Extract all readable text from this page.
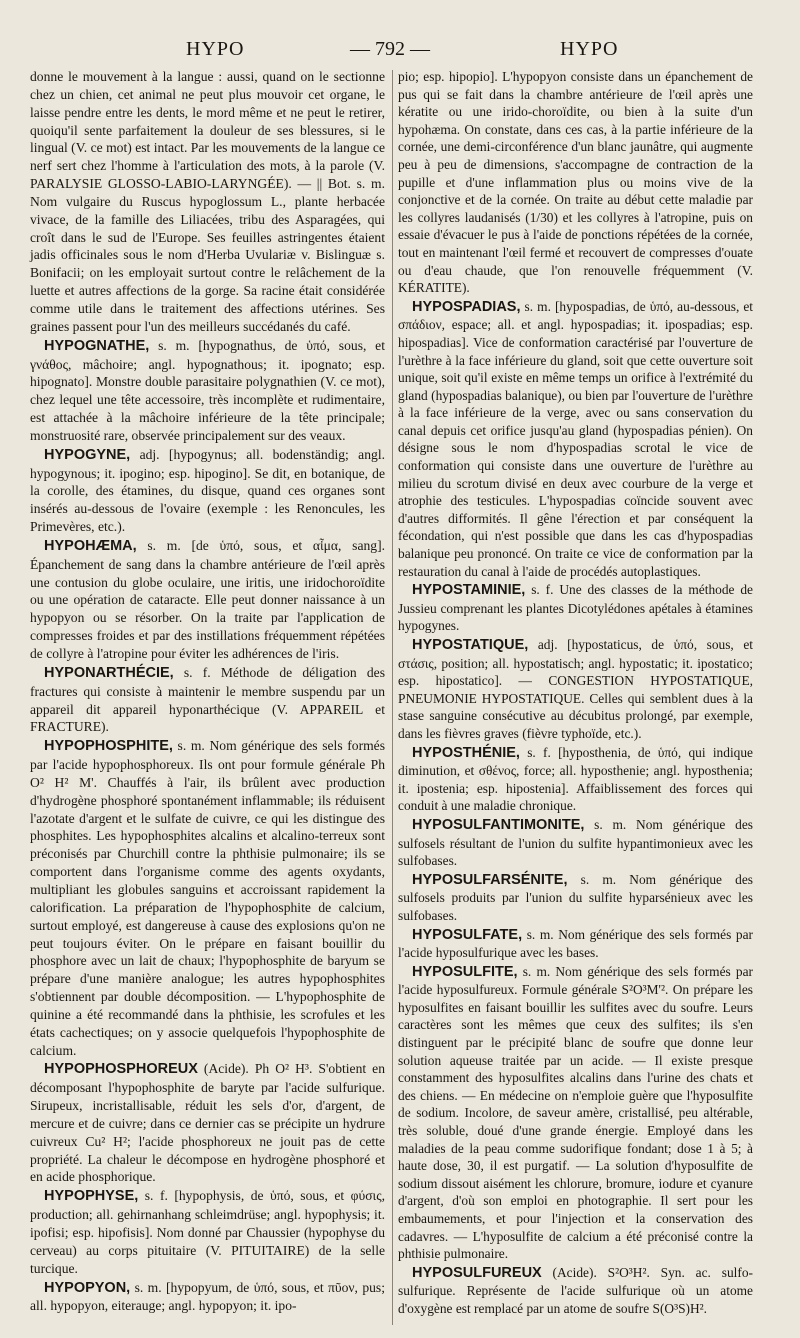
HYPO	— 792 —	HYPO

donne le mouvement à la langue : aussi, quand on le sectionne chez un chien, cet animal ne peut plus mouvoir cet organe, le laisse pendre entre les dents, le mord même et ne peut le retirer, quoiqu'il sente parfaitement la douleur de ses blessures, si le lingual (V. ce mot) est intact. Par les mouvements de la langue ce nerf sert chez l'homme à l'articulation des mots, à la parole (V. PARALYSIE GLOSSO-LABIO-LARYNGÉE). — || Bot. s. m. Nom vulgaire du Ruscus hypoglossum L., plante herbacée vivace, de la famille des Liliacées, tribu des Asparagées, qui croît dans le sud de l'Europe. Ses feuilles astringentes étaient jadis officinales sous le nom d'Herba Uvulariæ v. Bislinguæ s. Bonifacii; on les employait surtout contre le relâchement de la luette et autres affections de la gorge. Sa racine était considérée comme utile dans le traitement des affections utérines. Ses graines passent pour l'un des meilleurs succédanés du café.

HYPOGNATHE, s. m. [hypognathus, de ὑπό, sous, et γνάθος, mâchoire; angl. hypognathous; it. ipognato; esp. hipognato]. Monstre double parasitaire polygnathien (V. ce mot), chez lequel une tête accessoire, très incomplète et rudimentaire, est attachée à la mâchoire inférieure de la tête principale; monstruosité rare, observée principalement sur des veaux.

HYPOGYNE, adj. [hypogynus; all. bodenständig; angl. hypogynous; it. ipogino; esp. hipogino]. Se dit, en botanique, de la corolle, des étamines, du disque, quand ces organes sont insérés au-dessous de l'ovaire (exemple : les Renoncules, les Primevères, etc.).

HYPOHÆMA, s. m. [de ὑπό, sous, et αἷμα, sang]. Épanchement de sang dans la chambre antérieure de l'œil après une contusion du globe oculaire, une iritis, une iridochoroïdite ou une opération de cataracte. Elle peut donner naissance à un hypopyon ou se résorber. On la traite par l'application de compresses froides et par des instillations fréquemment répétées de collyre à l'atropine pour éviter les adhérences de l'iris.

HYPONARTHÉCIE, s. f. Méthode de déligation des fractures qui consiste à maintenir le membre suspendu par un appareil dit appareil hyponarthécique (V. APPAREIL et FRACTURE).

HYPOPHOSPHITE, s. m. Nom générique des sels formés par l'acide hypophosphoreux. Ils ont pour formule générale Ph O² H² M'. Chauffés à l'air, ils brûlent avec production d'hydrogène phosphoré spontanément inflammable; ils réduisent l'azotate d'argent et le sulfate de cuivre, ce qui les distingue des phosphites. Les hypophosphites alcalins et alcalino-terreux sont préconisés par Churchill contre la phthisie pulmonaire; ils se comportent dans l'organisme comme des agents oxydants, multipliant les globules sanguins et accroissant rapidement la calorification. La préparation de l'hypophosphite de calcium, surtout employé, est dangereuse à cause des explosions qu'on ne peut toujours éviter. On le prépare en faisant bouillir du phosphore avec un lait de chaux; l'hypophosphite de baryum se prépare d'une manière analogue; les autres hypophosphites s'obtiennent par double décomposition. — L'hypophosphite de quinine a été recommandé dans la phthisie, les scrofules et les états cachectiques; on y associe quelquefois l'hypophosphite de calcium.

HYPOPHOSPHOREUX (Acide). Ph O² H³. S'obtient en décomposant l'hypophosphite de baryte par l'acide sulfurique. Sirupeux, incristallisable, réduit les sels d'or, d'argent, de mercure et de cuivre; dans ce dernier cas se précipite un hydrure cuivreux Cu² H²; l'acide phosphoreux ne jouit pas de cette propriété. La chaleur le décompose en hydrogène phosphoré et en acide phosphorique.

HYPOPHYSE, s. f. [hypophysis, de ὑπό, sous, et φύσις, production; all. gehirnanhang schleimdrüse; angl. hypophysis; it. ipofisi; esp. hipofisis]. Nom donné par Chaussier (hypophyse du cerveau) au corps pituitaire (V. PITUITAIRE) de la selle turcique.

HYPOPYON, s. m. [hypopyum, de ὑπό, sous, et πῦον, pus; all. hypopyon, eiterauge; angl. hypopyon; it. ipo-

pio; esp. hipopio]. L'hypopyon consiste dans un épanchement de pus qui se fait dans la chambre antérieure de l'œil après une kératite ou une irido-choroïdite, ou bien à la suite d'un hypohæma. On constate, dans ces cas, à la partie inférieure de la cornée, une demi-circonférence d'un blanc jaunâtre, qui augmente peu à peu de dimensions, s'accompagne de contraction de la pupille et d'une inflammation plus ou moins vive de la conjonctive et de la cornée. On traite au début cette maladie par les collyres laudanisés (1/30) et les collyres à l'atropine, puis on essaie d'évacuer le pus à l'aide de ponctions répétées de la cornée, tout en maintenant l'œil fermé et recouvert de compresses d'ouate ou d'eau chaude, que l'on renouvelle fréquemment (V. KÉRATITE).

HYPOSPADIAS, s. m. [hypospadias, de ὑπό, au-dessous, et σπάδιον, espace; all. et angl. hypospadias; it. ipospadias; esp. hipospadias]. Vice de conformation caractérisé par l'ouverture de l'urèthre à la face inférieure du gland, soit que cette ouverture soit unique, soit qu'il existe en même temps un orifice à l'extrémité du gland (hypospadias balanique), ou bien par l'ouverture de l'urèthre à la face inférieure de la verge, avec ou sans conservation du canal depuis cet orifice jusqu'au gland (hypospadias pénien). On désigne sous le nom d'hypospadias scrotal le vice de conformation qui consiste dans une ouverture de l'urèthre au milieu du scrotum divisé en deux avec courbure de la verge et atrophie des testicules. L'hypospadias coïncide souvent avec d'autres difformités. Il gêne l'érection et par conséquent la fécondation, qui n'est possible que dans les cas d'hypospadias balanique peu prononcé. On traite ce vice de conformation par la restauration du canal à l'aide de procédés autoplastiques.

HYPOSTAMINIE, s. f. Une des classes de la méthode de Jussieu comprenant les plantes Dicotylédones apétales à étamines hypogynes.

HYPOSTATIQUE, adj. [hypostaticus, de ὑπό, sous, et στάσις, position; all. hypostatisch; angl. hypostatic; it. ipostatico; esp. hipostatico]. — CONGESTION HYPOSTATIQUE, PNEUMONIE HYPOSTATIQUE. Celles qui semblent dues à la stase sanguine consécutive au décubitus prolongé, par exemple, dans les fièvres graves (fièvre typhoïde, etc.).

HYPOSTHÉNIE, s. f. [hyposthenia, de ὑπό, qui indique diminution, et σθένος, force; all. hyposthenie; angl. hyposthenia; it. ipostenia; esp. hipostenia]. Affaiblissement des forces qui conduit à une maladie chronique.

HYPOSULFANTIMONITE, s. m. Nom générique des sulfosels résultant de l'union du sulfite hypantimonieux avec les sulfobases.

HYPOSULFARSÉNITE, s. m. Nom générique des sulfosels produits par l'union du sulfite hyparsénieux avec les sulfobases.

HYPOSULFATE, s. m. Nom générique des sels formés par l'acide hyposulfurique avec les bases.

HYPOSULFITE, s. m. Nom générique des sels formés par l'acide hyposulfureux. Formule générale S²O³M'². On prépare les hyposulfites en faisant bouillir les sulfites avec du soufre. Leurs caractères sont les mêmes que ceux des sulfites; ils s'en distinguent par le précipité blanc de soufre que donne leur solution aqueuse traitée par un acide. — Il existe presque constamment des hyposulfites alcalins dans l'urine des chats et des chiens. — En médecine on n'emploie guère que l'hyposulfite de sodium. Incolore, de saveur amère, cristallisé, peu altérable, très soluble, doué d'une grande énergie. Employé dans les maladies de la peau comme sudorifique fondant; dose 1 à 5; à haute dose, 30, il est purgatif. — La solution d'hyposulfite de sodium dissout aisément les chlorure, bromure, iodure et cyanure d'argent, d'où son emploi en photographie. Il sert pour les embaumements, et pour l'injection et la conservation des cadavres. — L'hyposulfite de calcium a été préconisé contre la phthisie pulmonaire.

HYPOSULFUREUX (Acide). S²O³H². Syn. ac. sulfo-sulfurique. Représente de l'acide sulfurique où un atome d'oxygène est remplacé par un atome de soufre S(O³S)H².
